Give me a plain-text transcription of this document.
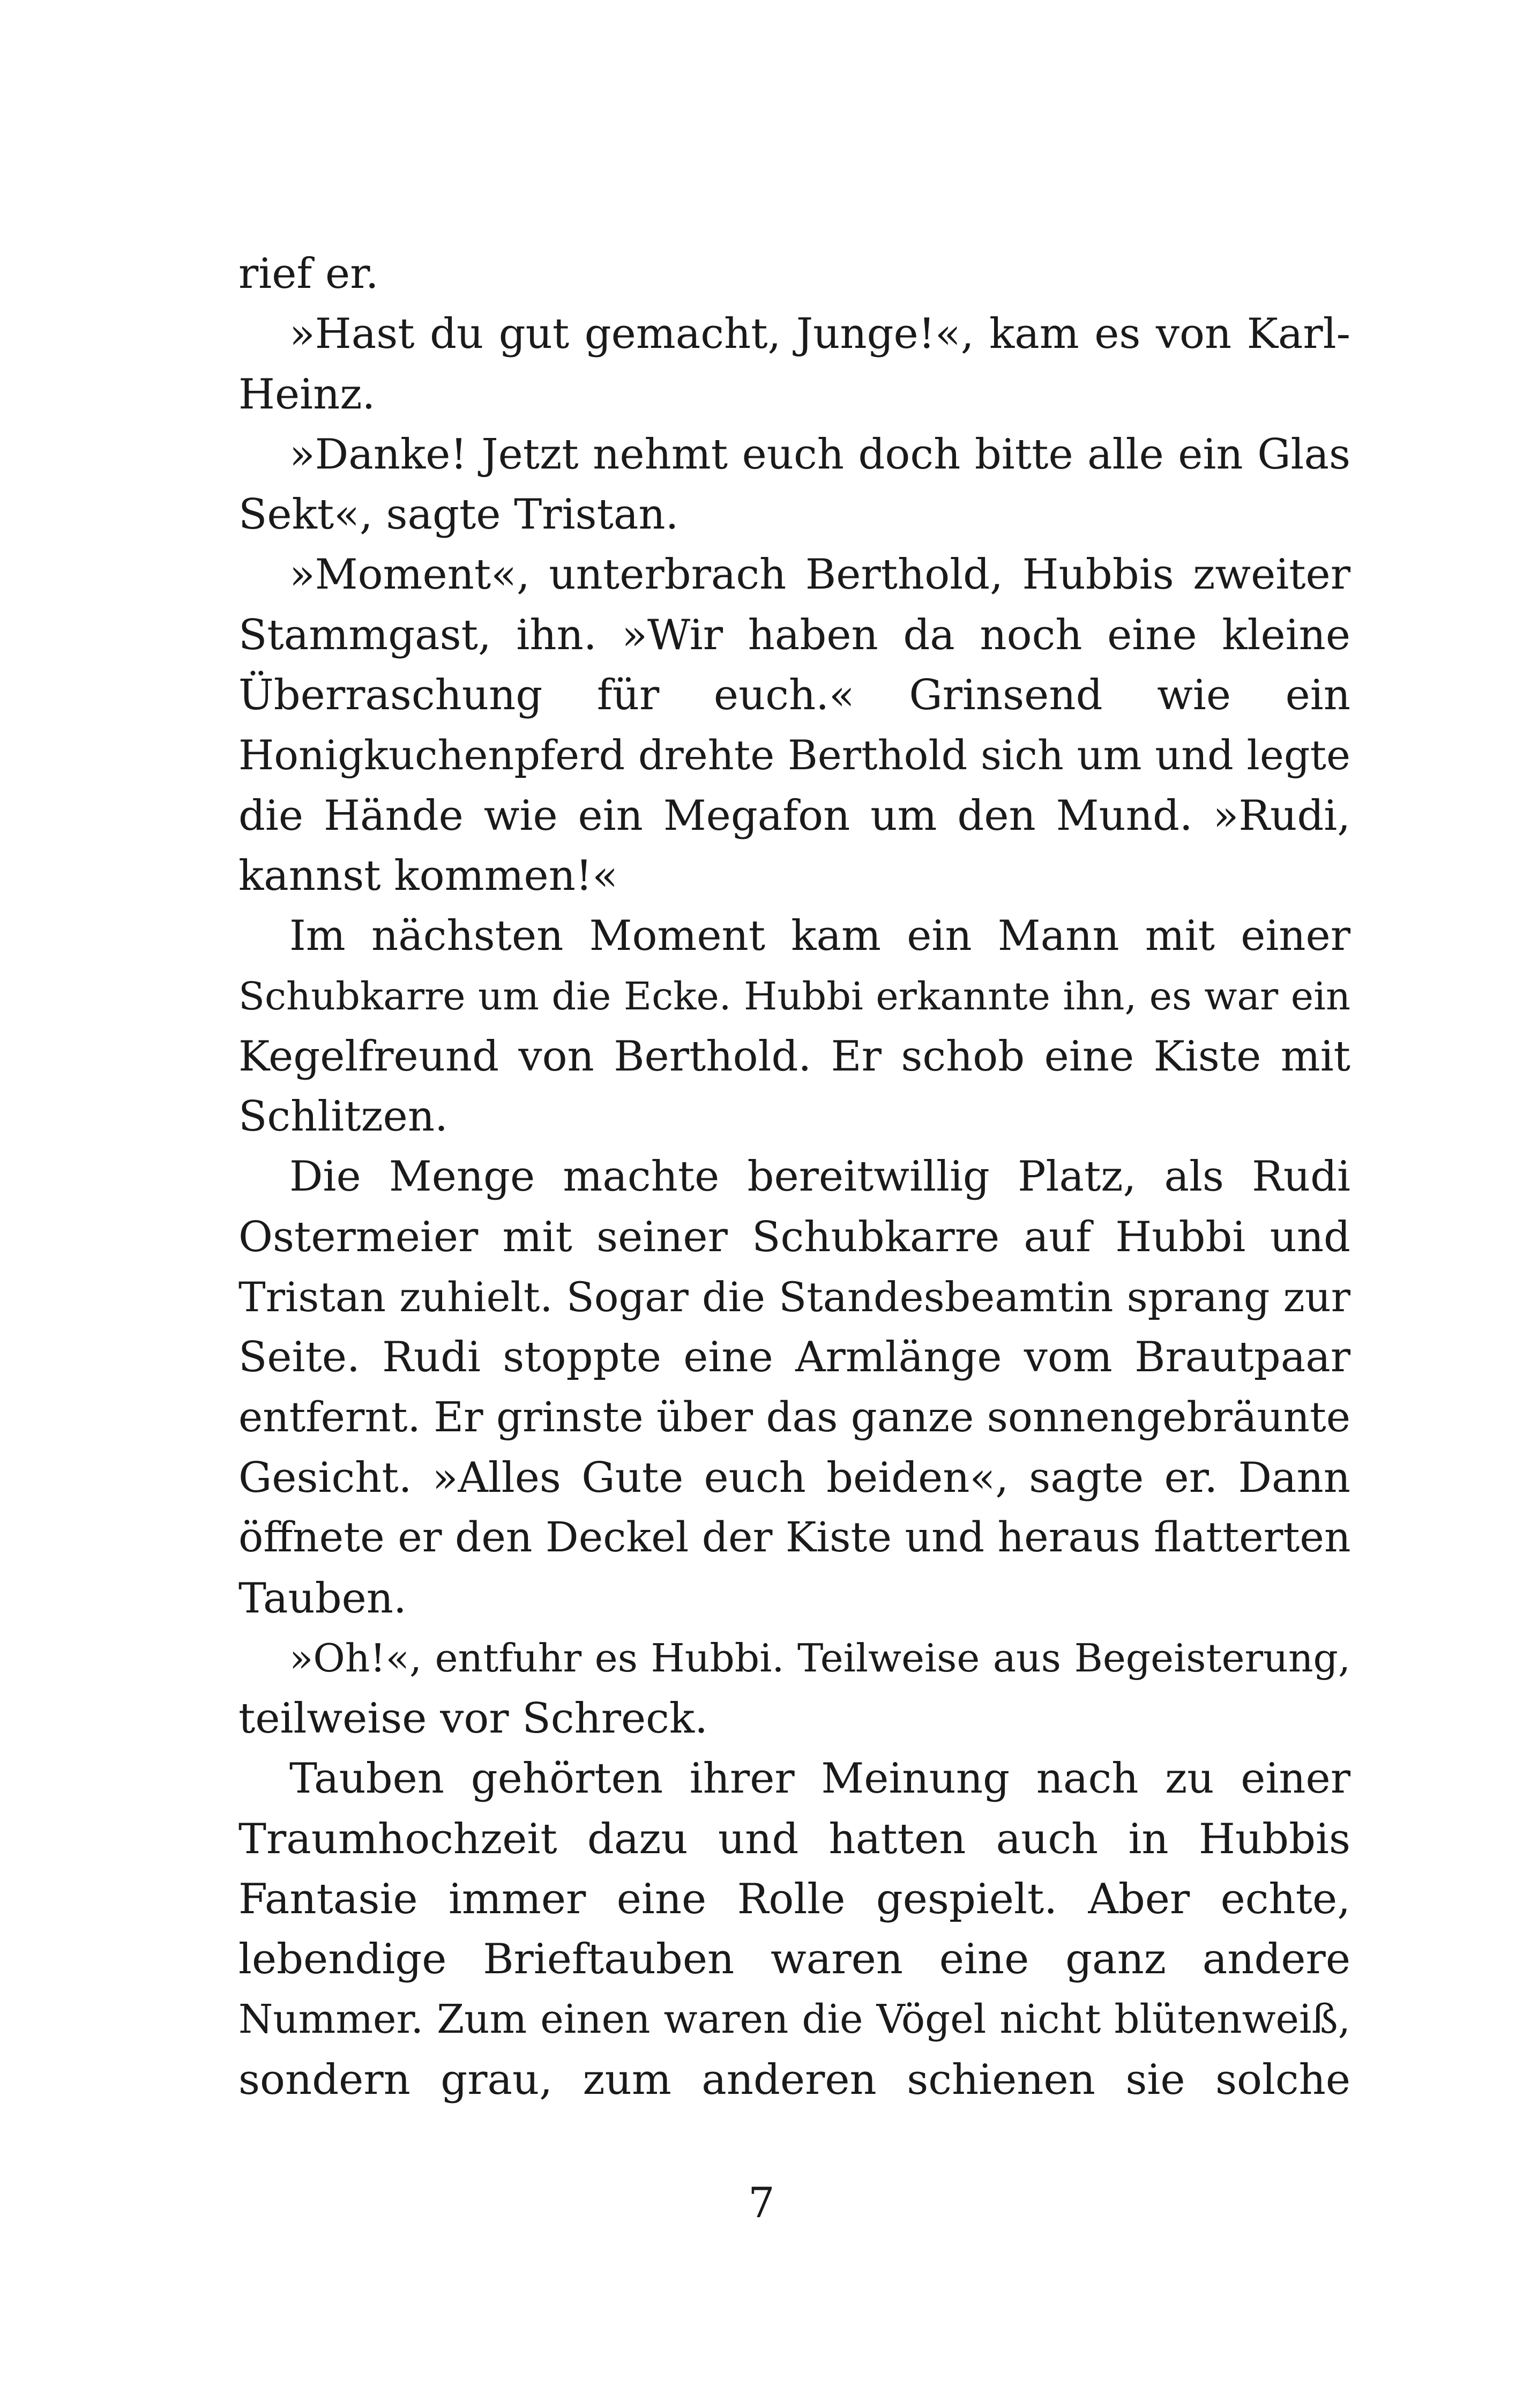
rief er.
»Hast du gut gemacht, Junge!«, kam es von Karl-
Heinz.
»Danke! Jetzt nehmt euch doch bitte alle ein Glas
Sekt«, sagte Tristan.
»Moment«, unterbrach Berthold, Hubbis zweiter
Stammgast, ihn. »Wir haben da noch eine kleine
Überraschung für euch.« Grinsend wie ein
Honigkuchenpferd drehte Berthold sich um und legte
die Hände wie ein Megafon um den Mund. »Rudi,
kannst kommen!«
Im nächsten Moment kam ein Mann mit einer
Schubkarre um die Ecke. Hubbi erkannte ihn, es war ein
Kegelfreund von Berthold. Er schob eine Kiste mit
Schlitzen.
Die Menge machte bereitwillig Platz, als Rudi
Ostermeier mit seiner Schubkarre auf Hubbi und
Tristan zuhielt. Sogar die Standesbeamtin sprang zur
Seite. Rudi stoppte eine Armlänge vom Brautpaar
entfernt. Er grinste über das ganze sonnengebräunte
Gesicht. »Alles Gute euch beiden«, sagte er. Dann
öffnete er den Deckel der Kiste und heraus flatterten
Tauben.
»Oh!«, entfuhr es Hubbi. Teilweise aus Begeisterung,
teilweise vor Schreck.
Tauben gehörten ihrer Meinung nach zu einer
Traumhochzeit dazu und hatten auch in Hubbis
Fantasie immer eine Rolle gespielt. Aber echte,
lebendige Brieftauben waren eine ganz andere
Nummer. Zum einen waren die Vögel nicht blütenweiß,
sondern grau, zum anderen schienen sie solche
7
